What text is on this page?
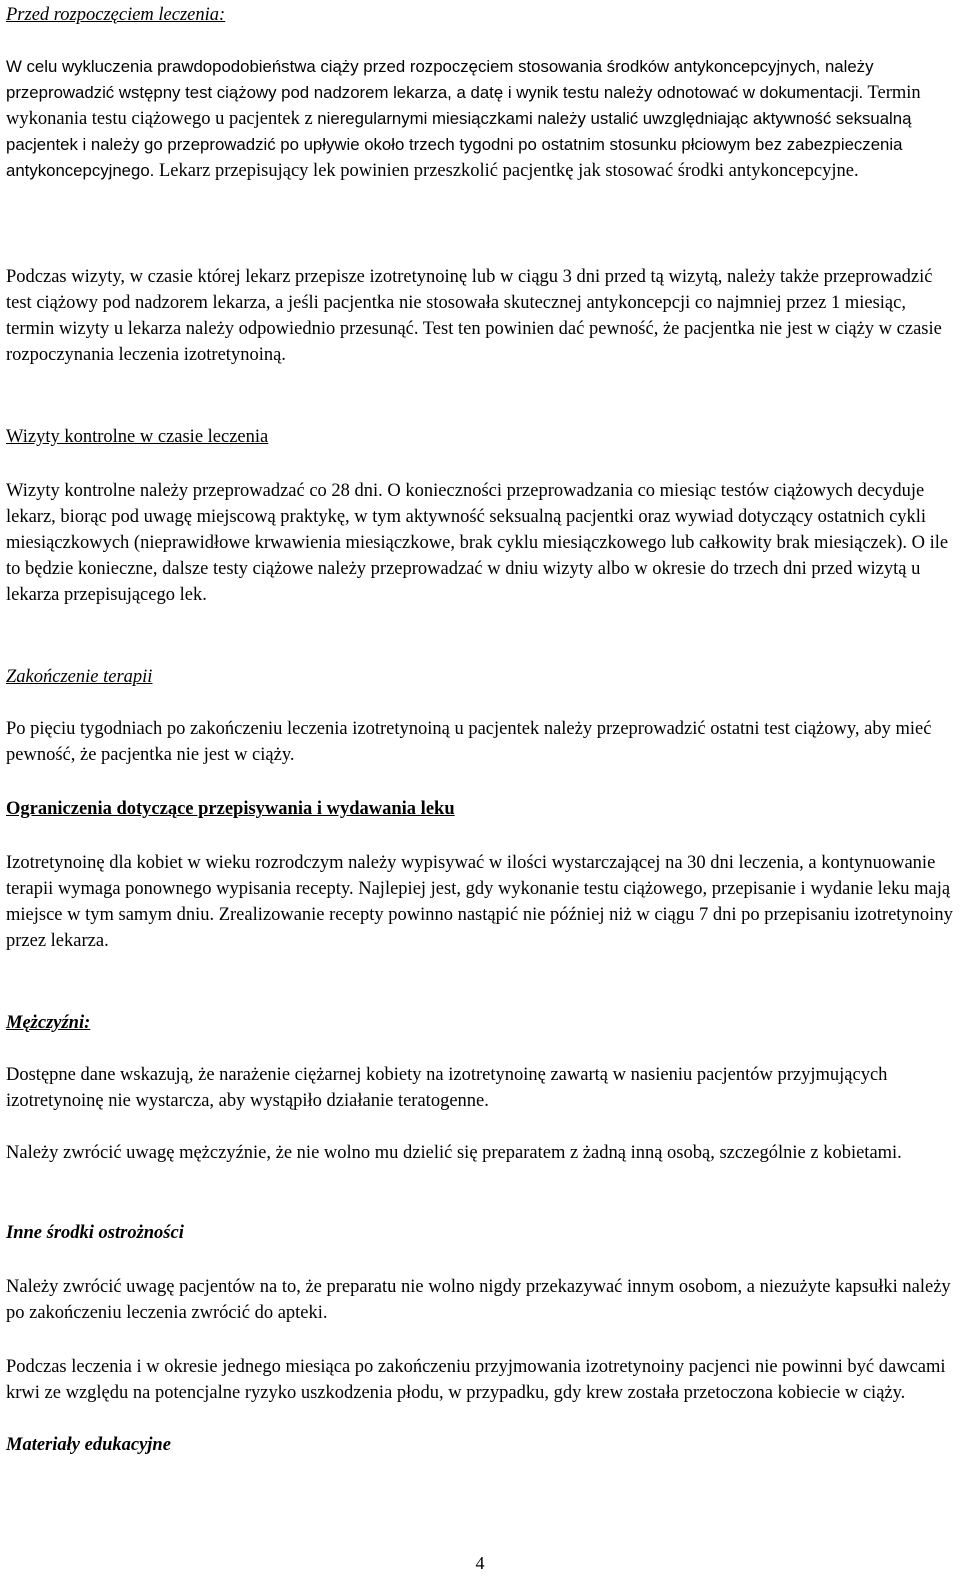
Przed rozpoczęciem leczenia:

W celu wykluczenia prawdopodobieństwa ciąży przed rozpoczęciem stosowania środków antykoncepcyjnych, należy przeprowadzić wstępny test ciążowy pod nadzorem lekarza, a datę i wynik testu należy odnotować w dokumentacji. Termin wykonania testu ciążowego u pacjentek z nieregularnymi miesiączkami należy ustalić uwzględniając aktywność seksualną pacjentek i należy go przeprowadzić po upływie około trzech tygodni po ostatnim stosunku płciowym bez zabezpieczenia antykoncepcyjnego. Lekarz przepisujący lek powinien przeszkolić pacjentkę jak stosować środki antykoncepcyjne.

Podczas wizyty, w czasie której lekarz przepisze izotretynoinę lub w ciągu 3 dni przed tą wizytą, należy także przeprowadzić test ciążowy pod nadzorem lekarza, a jeśli pacjentka nie stosowała skutecznej antykoncepcji co najmniej przez 1 miesiąc, termin wizyty u lekarza należy odpowiednio przesunąć. Test ten powinien dać pewność, że pacjentka nie jest w ciąży w czasie rozpoczynania leczenia izotretynoiną.

Wizyty kontrolne w czasie leczenia

Wizyty kontrolne należy przeprowadzać co 28 dni. O konieczności przeprowadzania co miesiąc testów ciążowych decyduje lekarz, biorąc pod uwagę miejscową praktykę, w tym aktywność seksualną pacjentki oraz wywiad dotyczący ostatnich cykli miesiączkowych (nieprawidłowe krwawienia miesiączkowe, brak cyklu miesiączkowego lub całkowity brak miesiączek). O ile to będzie konieczne, dalsze testy ciążowe należy przeprowadzać w dniu wizyty albo w okresie do trzech dni przed wizytą u lekarza przepisującego lek.

Zakończenie terapii

Po pięciu tygodniach po zakończeniu leczenia izotretynoiną u pacjentek należy przeprowadzić ostatni test ciążowy, aby mieć pewność, że pacjentka nie jest w ciąży.

Ograniczenia dotyczące przepisywania i wydawania leku

Izotretynoinę dla kobiet w wieku rozrodczym należy wypisywać w ilości wystarczającej na 30 dni leczenia, a kontynuowanie terapii wymaga ponownego wypisania recepty. Najlepiej jest, gdy wykonanie testu ciążowego, przepisanie i wydanie leku mają miejsce w tym samym dniu. Zrealizowanie recepty powinno nastąpić nie później niż w ciągu 7 dni po przepisaniu izotretynoiny przez lekarza.

Mężczyźni:

Dostępne dane wskazują, że narażenie ciężarnej kobiety na izotretynoinę zawartą w nasieniu pacjentów przyjmujących izotretynoinę nie wystarcza, aby wystąpiło działanie teratogenne.

Należy zwrócić uwagę mężczyźnie, że nie wolno mu dzielić się preparatem z żadną inną osobą, szczególnie z kobietami.

Inne środki ostrożności

Należy zwrócić uwagę pacjentów na to, że preparatu nie wolno nigdy przekazywać innym osobom, a niezużyte kapsułki należy po zakończeniu leczenia zwrócić do apteki.

Podczas leczenia i w okresie jednego miesiąca po zakończeniu przyjmowania izotretynoiny pacjenci nie powinni być dawcami krwi ze względu na potencjalne ryzyko uszkodzenia płodu, w przypadku, gdy krew została przetoczona kobiecie w ciąży.

Materiały edukacyjne

4
